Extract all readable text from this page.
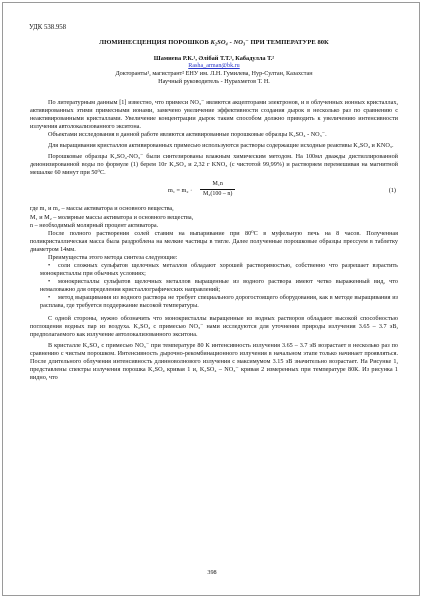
УДК 538.958

ЛЮМИНЕСЦЕНЦИЯ ПОРОШКОВ K₂SO₄ - NO₃⁻ ПРИ ТЕМПЕРАТУРЕ 80К

Шамиева Р.К.¹, Әлібай Т.Т.¹, Кабадулла Т.²
Rasha_arman@bk.ru
Докторанты¹, магистрант² ЕНУ им. Л.Н. Гумилева, Нур-Султан, Казахстан
Научный руководитель - Нурахметов Т. Н.

По литературным данным [1] известно, что примеси NO₃⁻ являются акцепторами электронов, и в облученных ионных кристаллах, активированных этими примесными ионами, замечено увеличение эффективности создания дырок в несколько раз по сравнению с неактивированными кристаллами. Увеличение концентрации дырок таким способом должно приводить к увеличению интенсивности излучения автолокализованного экситона.

Объектами исследования в данной работе являются активированные порошковые образцы K₂SO₄ - NO₃⁻.

Для выращивания кристаллов активированных примесью используются растворы содержащие исходные реактивы K₂SO₄ и KNO₃.

Порошковые образцы K₂SO₄-NO₃⁻ были синтезированы влажным химическим методом. На 100мл дважды дистиллированной деионизированной воды по формуле (1) берем 10г K₂SO₄ и 2,32 г KNO₃ (с чистотой 99,99%) и растворяем перемешивая на магнитной мешалке 60 минут при 50⁰С.

$m_1 = m_2 \cdot \frac{\text{M₁n}}{\text{M₂(100 – n)}}$	(1)

где m₁ и m₂ – массы активатора и основного вещества,

M₁ и M₂ – молярные массы активатора и основного вещества,

n – необходимый молярный процент активатора.

После полного растворения солей ставим на выпаривание при 80⁰С в муфельную печь на 8 часов. Полученная поликристаллическая масса была раздроблена на мелкие частицы в тигле. Далее полученные порошковые образцы прессуем в таблетку диаметром 14мм.

Преимущества этого метода синтеза следующие:

•	соли сложных сульфатов щелочных металлов обладают хорошей растворимостью, собственно что разрешает взрастить монокристаллы при обычных условиях;

•	монокристаллы сульфатов щелочных металлов выращенные из водного раствора имеют четко выраженный вид, что немаловажно для определения кристаллографических направлений;

•	метод выращивания из водного раствора не требует специального дорогостоящего оборудования, как в методе выращивания из расплава, где требуется поддержание высокой температуры.

С одной стороны, нужно обозначить что монокристаллы выращенные из водных растворов обладают высокой способностью поглощения водных пар из воздуха. K₂SO₄ с примесью NO₃⁻ нами исследуются для уточнения природы излучения 3.65 – 3.7 эВ, предполагаемого как излучение автолокализованного экситона.

В кристалле K₂SO₄ с примесью NO₃⁻ при температуре 80 К интенсивность излучения 3.65 – 3.7 эВ возрастает в несколько раз по сравнению с чистым порошком. Интенсивность дырочно-рекомбинационного излучения в начальном этапе только начинает проявляться. После длительного облучения интенсивность длинноволнового излучения с максимумом 3.15 эВ значительно возрастает. На Рисунке 1, представлены спектры излучения порошка K₂SO₄ кривая 1 и, K₂SO₄ – NO₃⁻ кривая 2 измеренных при температуре 80К. Из рисунка 1 видно, что

398
